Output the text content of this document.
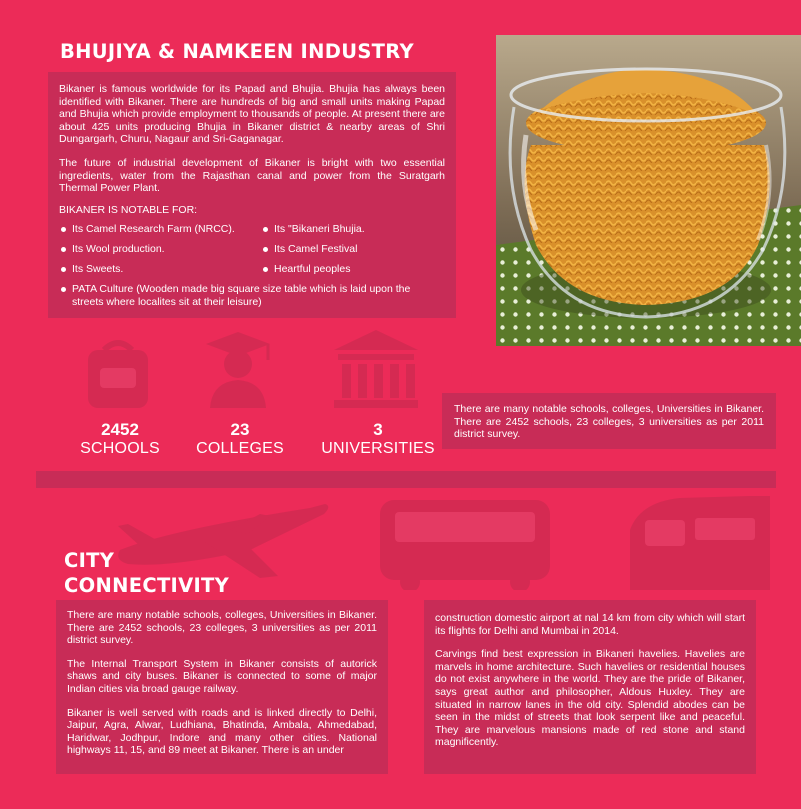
BHUJIYA & NAMKEEN INDUSTRY

Bikaner is famous worldwide for its Papad and Bhujia. Bhujia has always been identified with Bikaner. There are hundreds of big and small units making Papad and Bhujia which provide employment to thousands of people. At present there are about 425 units producing Bhujia in Bikaner district & nearby areas of Shri Dungargarh, Churu, Nagaur and Sri-Gaganagar.

The future of industrial development of Bikaner is bright with two essential ingredients, water from the Rajasthan canal and power from the Suratgarh Thermal Power Plant.

BIKANER IS NOTABLE FOR:

Its Camel Research Farm (NRCC).	Its "Bikaneri Bhujia.
Its Wool production.	Its Camel Festival
Its Sweets.	Heartful peoples
PATA Culture (Wooden made big square size table which is laid upon the streets where localites sit at their leisure)
2452
SCHOOLS
23
COLLEGES
3
UNIVERSITIES

There are many notable schools, colleges, Universities in Bikaner. There are 2452 schools, 23 colleges, 3 universities as per 2011 district survey.

CITY
CONNECTIVITY

There are many notable schools, colleges, Universities in Bikaner. There are 2452 schools, 23 colleges, 3 universities as per 2011 district survey.

The Internal Transport System in Bikaner consists of autorick shaws and city buses. Bikaner is connected to some of major Indian cities via broad gauge railway.

Bikaner is well served with roads and is linked directly to Delhi, Jaipur, Agra, Alwar, Ludhiana, Bhatinda, Ambala, Ahmedabad, Haridwar, Jodhpur, Indore and many other cities. National highways 11, 15, and 89 meet at Bikaner. There is an under

construction domestic airport at nal 14 km from city which will start its flights for Delhi and Mumbai in 2014.

Carvings find best expression in Bikaneri havelies. Havelies are marvels in home architecture. Such havelies or residential houses do not exist anywhere in the world. They are the pride of Bikaner, says great author and philosopher, Aldous Huxley. They are situated in narrow lanes in the old city. Splendid abodes can be seen in the midst of streets that look serpent like and peaceful. They are marvelous mansions made of red stone and stand magnificently.
